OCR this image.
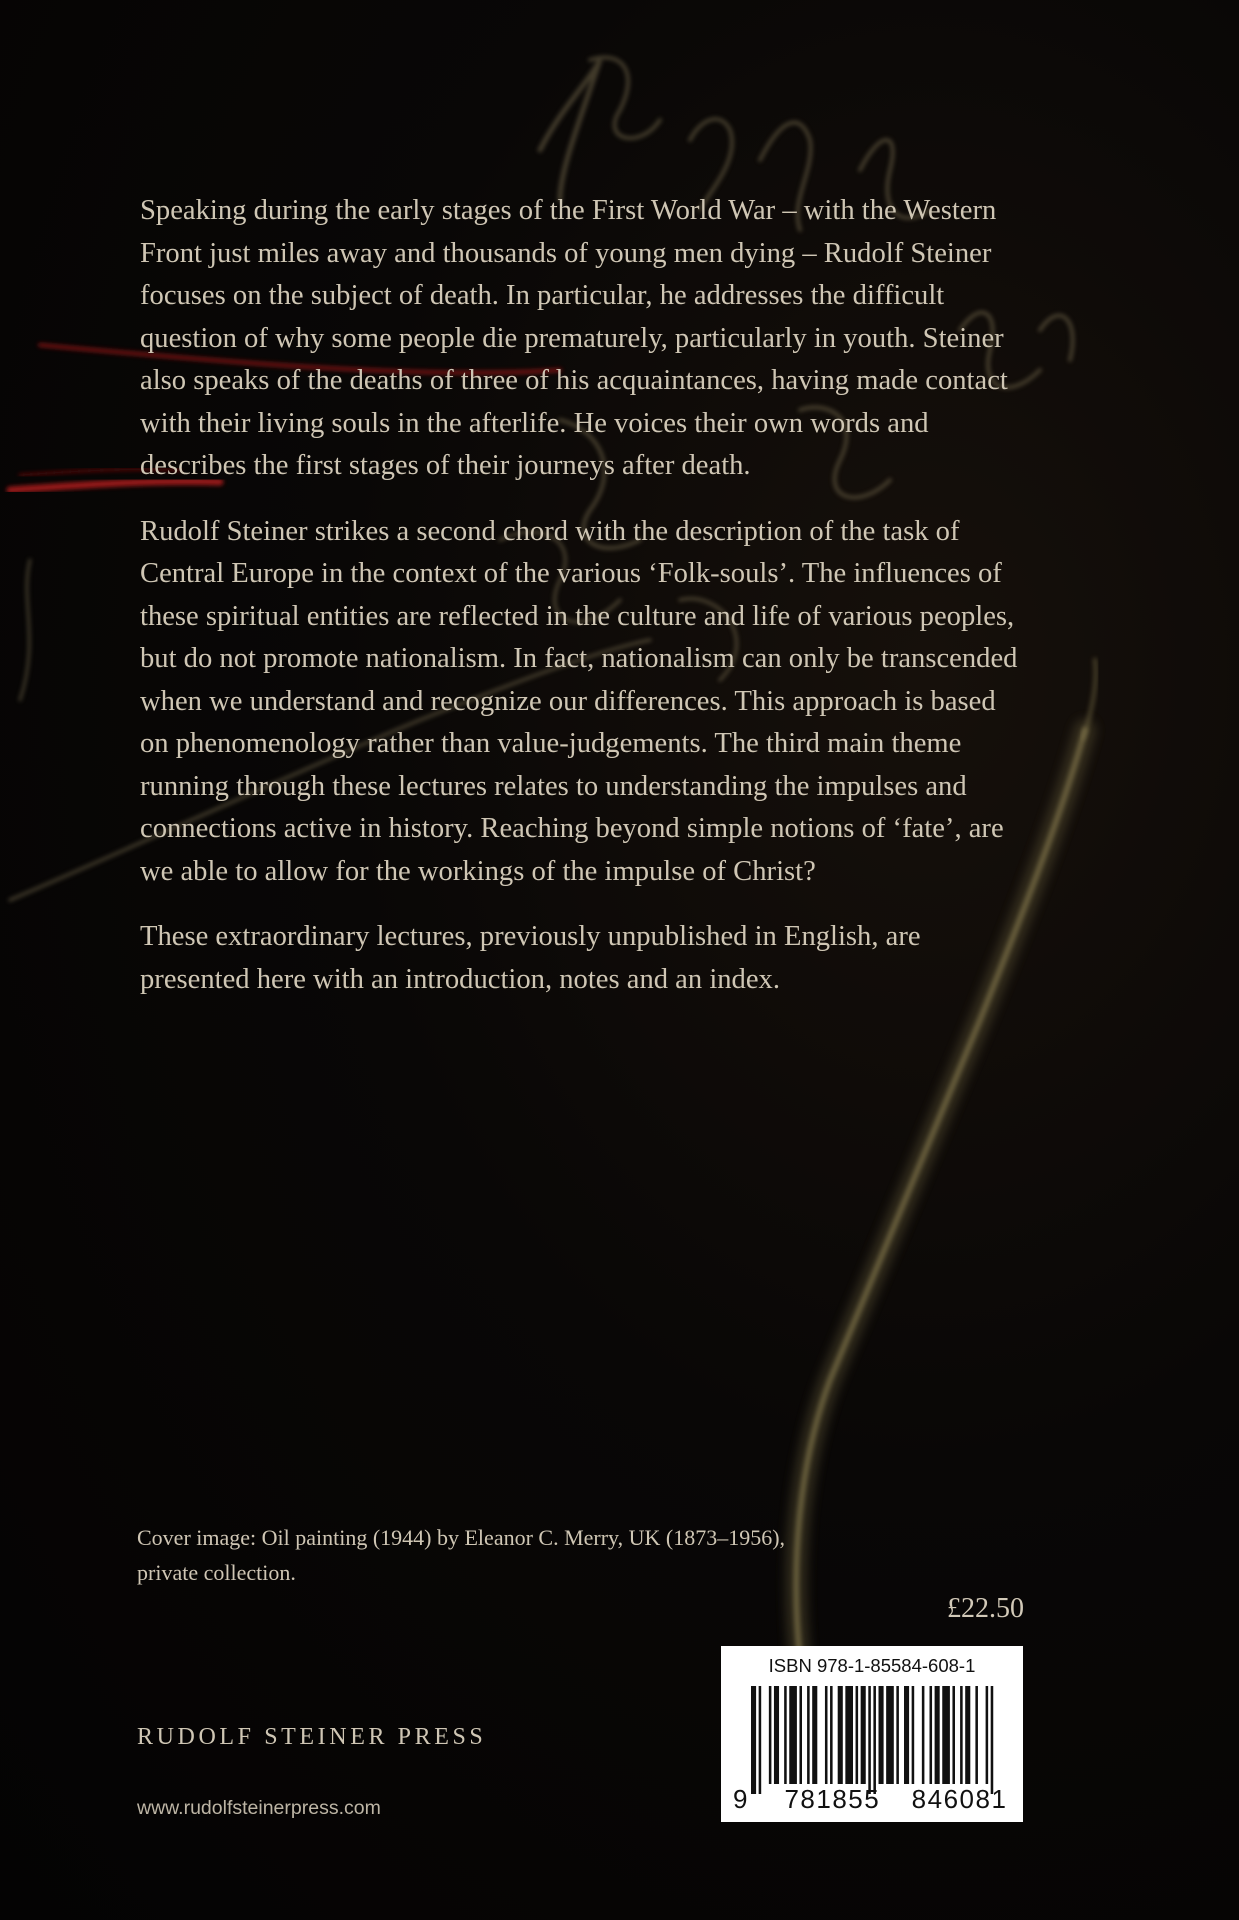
Speaking during the early stages of the First World War – with the Western Front just miles away and thousands of young men dying – Rudolf Steiner focuses on the subject of death. In particular, he addresses the difficult question of why some people die prematurely, particularly in youth. Steiner also speaks of the deaths of three of his acquaintances, having made contact with their living souls in the afterlife. He voices their own words and describes the first stages of their journeys after death.

Rudolf Steiner strikes a second chord with the description of the task of Central Europe in the context of the various ‘Folk-souls’. The influences of these spiritual entities are reflected in the culture and life of various peoples, but do not promote nationalism. In fact, nationalism can only be transcended when we understand and recognize our differences. This approach is based on phenomenology rather than value-judgements. The third main theme running through these lectures relates to understanding the impulses and connections active in history. Reaching beyond simple notions of ‘fate’, are we able to allow for the workings of the impulse of Christ?

These extraordinary lectures, previously unpublished in English, are presented here with an introduction, notes and an index.

Cover image: Oil painting (1944) by Eleanor C. Merry, UK (1873–1956),
private collection.
£22.50
RUDOLF STEINER PRESS
www.rudolfsteinerpress.com
ISBN 978-1-85584-608-1
9 781855 846081
